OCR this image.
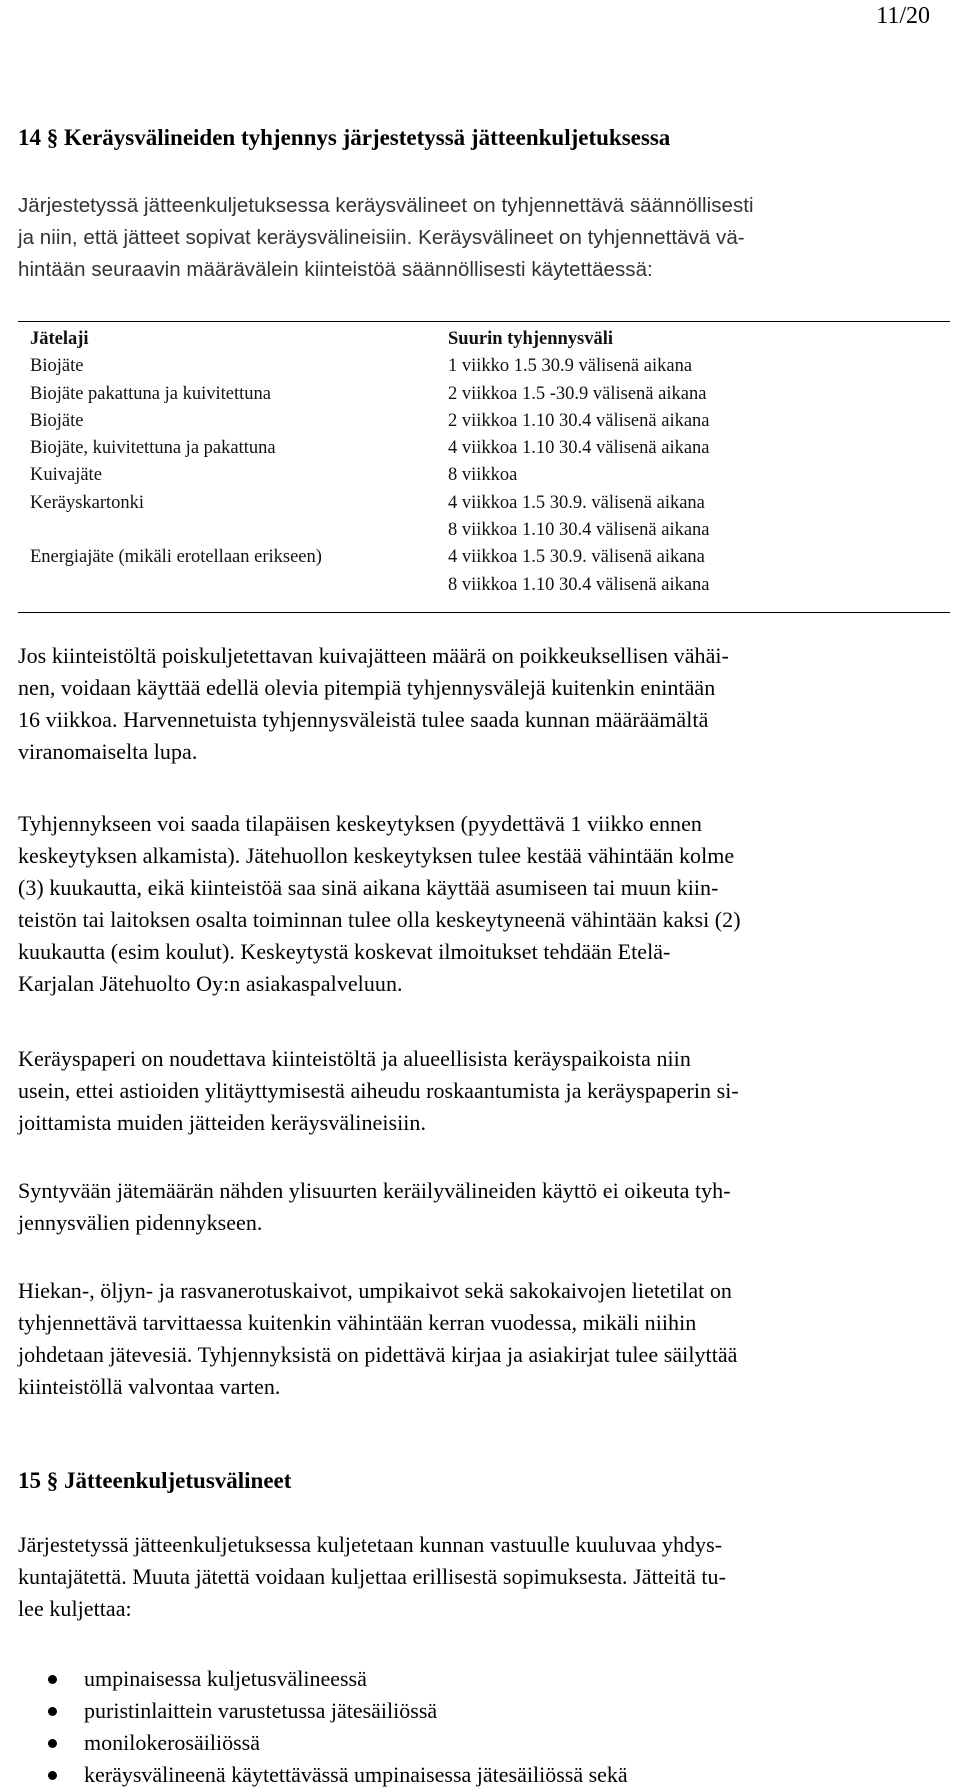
11/20
14 § Keräysvälineiden tyhjennys järjestetyssä jätteenkuljetuksessa
Järjestetyssä jätteenkuljetuksessa keräysvälineet on tyhjennettävä säännöllisesti
ja niin, että jätteet sopivat keräysvälineisiin. Keräysvälineet on tyhjennettävä vä-
hintään seuraavin määrävälein kiinteistöä säännöllisesti käytettäessä:
Jätelaji
Biojäte
Biojäte pakattuna ja kuivitettuna
Biojäte
Biojäte, kuivitettuna ja pakattuna
Kuivajäte
Keräyskartonki
Energiajäte (mikäli erotellaan erikseen)
Suurin tyhjennysväli
1 viikko 1.5 30.9 välisenä aikana
2 viikkoa 1.5 -30.9 välisenä aikana
2 viikkoa 1.10 30.4 välisenä aikana
4 viikkoa 1.10 30.4 välisenä aikana
8 viikkoa
4 viikkoa 1.5 30.9. välisenä aikana
8 viikkoa 1.10 30.4 välisenä aikana
4 viikkoa 1.5 30.9. välisenä aikana
8 viikkoa 1.10 30.4 välisenä aikana
Jos kiinteistöltä poiskuljetettavan kuivajätteen määrä on poikkeuksellisen vähäi-
nen, voidaan käyttää edellä olevia pitempiä tyhjennysvälejä kuitenkin enintään
16 viikkoa. Harvennetuista tyhjennysväleistä tulee saada kunnan määräämältä
viranomaiselta lupa.
Tyhjennykseen voi saada tilapäisen keskeytyksen (pyydettävä 1 viikko ennen
keskeytyksen alkamista). Jätehuollon keskeytyksen tulee kestää vähintään kolme
(3) kuukautta, eikä kiinteistöä saa sinä aikana käyttää asumiseen tai muun kiin-
teistön tai laitoksen osalta toiminnan tulee olla keskeytyneenä vähintään kaksi (2)
kuukautta (esim koulut). Keskeytystä koskevat ilmoitukset tehdään Etelä-
Karjalan Jätehuolto Oy:n asiakaspalveluun.
Keräyspaperi on noudettava kiinteistöltä ja alueellisista keräyspaikoista niin
usein, ettei astioiden ylitäyttymisestä aiheudu roskaantumista ja keräyspaperin si-
joittamista muiden jätteiden keräysvälineisiin.
Syntyvään jätemäärän nähden ylisuurten keräilyvälineiden käyttö ei oikeuta tyh-
jennysvälien pidennykseen.
Hiekan-, öljyn- ja rasvanerotuskaivot, umpikaivot sekä sakokaivojen lietetilat on
tyhjennettävä tarvittaessa kuitenkin vähintään kerran vuodessa, mikäli niihin
johdetaan jätevesiä. Tyhjennyksistä on pidettävä kirjaa ja asiakirjat tulee säilyttää
kiinteistöllä valvontaa varten.
15 § Jätteenkuljetusvälineet
Järjestetyssä jätteenkuljetuksessa kuljetetaan kunnan vastuulle kuuluvaa yhdys-
kuntajätettä. Muuta jätettä voidaan kuljettaa erillisestä sopimuksesta. Jätteitä tu-
lee kuljettaa:
umpinaisessa kuljetusvälineessä
puristinlaittein varustetussa jätesäiliössä
monilokerosäiliössä
keräysvälineenä käytettävässä umpinaisessa jätesäiliössä sekä
